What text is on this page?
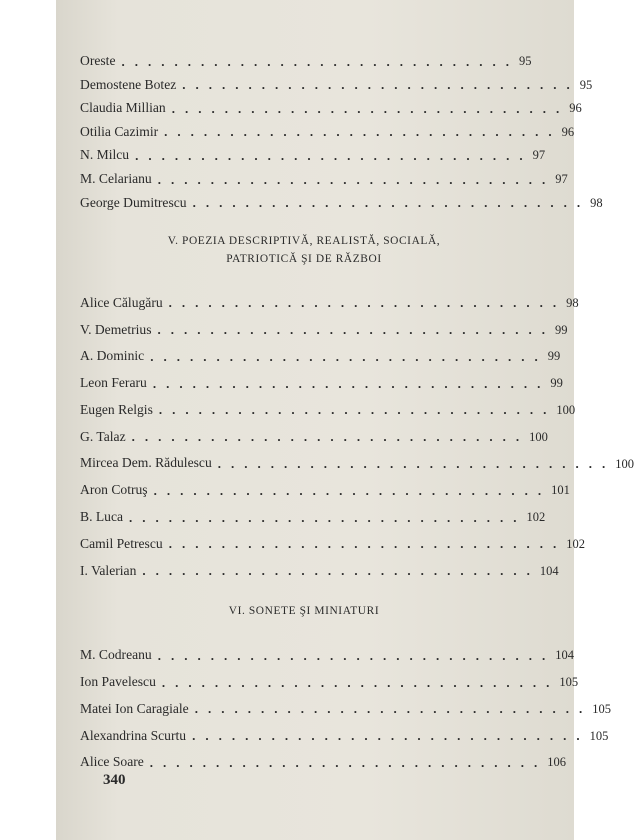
Oreste .............................. 95
Demostene Botez .............................. 95
Claudia Millian .............................. 96
Otilia Cazimir .............................. 96
N. Milcu .............................. 97
M. Celarianu .............................. 97
George Dumitrescu .............................. 98
V. POEZIA DESCRIPTIVĂ, REALISTĂ, SOCIALĂ,
PATRIOTICĂ ŞI DE RĂZBOI
Alice Călugăru .............................. 98
V. Demetrius .............................. 99
A. Dominic .............................. 99
Leon Feraru .............................. 99
Eugen Relgis .............................. 100
G. Talaz .............................. 100
Mircea Dem. Rădulescu .............................. 100
Aron Cotruş .............................. 101
B. Luca .............................. 102
Camil Petrescu .............................. 102
I. Valerian .............................. 104
VI. SONETE ŞI MINIATURI
M. Codreanu .............................. 104
Ion Pavelescu .............................. 105
Matei Ion Caragiale .............................. 105
Alexandrina Scurtu .............................. 105
Alice Soare .............................. 106
340
